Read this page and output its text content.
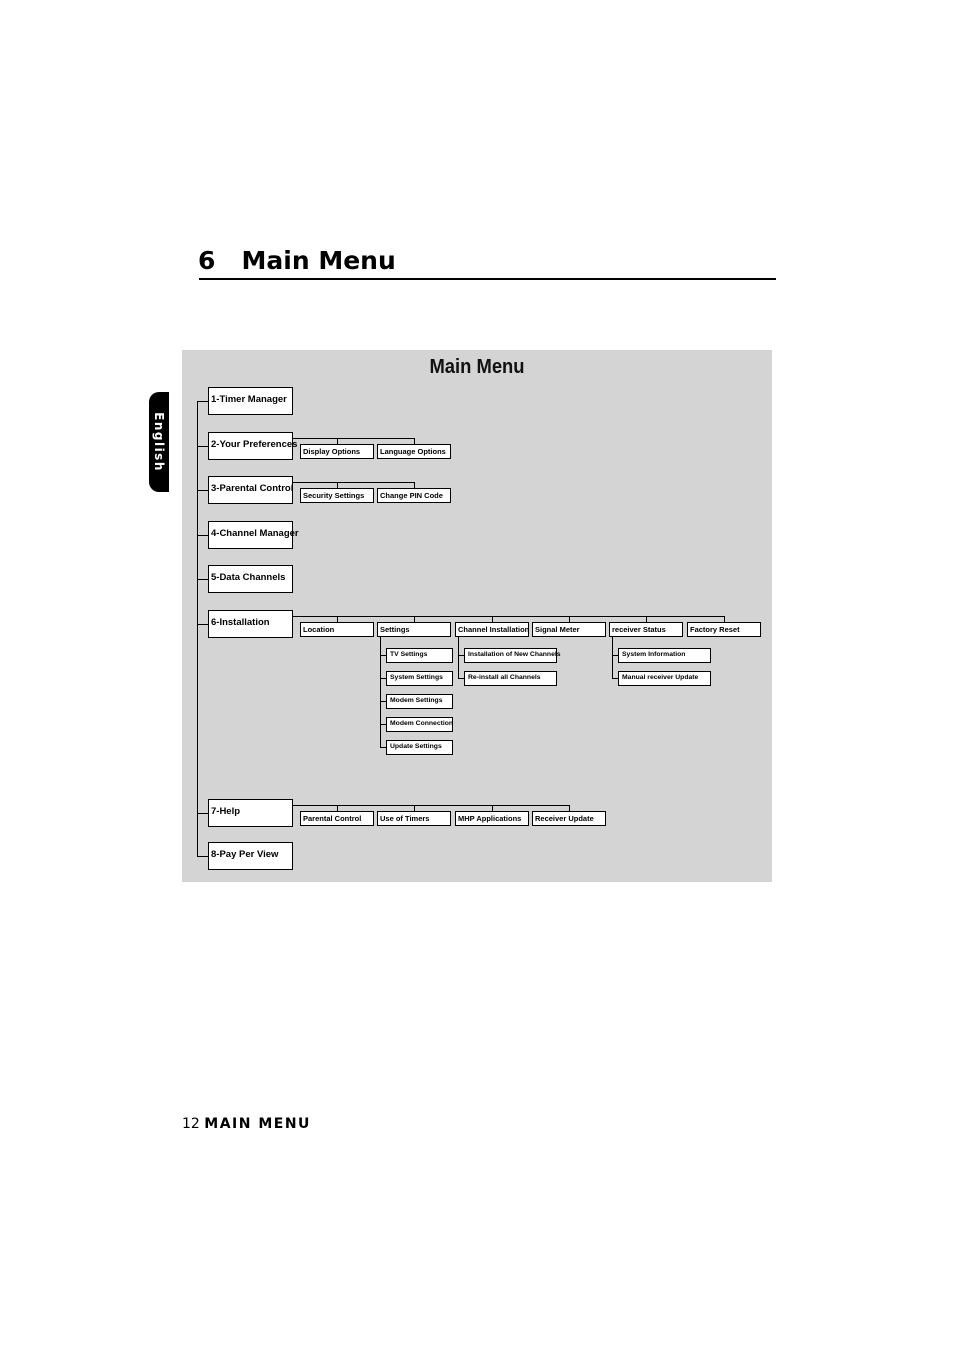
6 Main Menu
English
Main Menu
1-Timer Manager
2-Your Preferences
Display Options	Language Options
3-Parental Control
Security Settings Change PIN Code
4-Channel Manager
5-Data Channels
6-Installation
Location	Settings
TV Settings
System Settings
Modem Settings
Modem Connection
Update Settings
Channel Installation
Installation of New Channels
Re-install all Channels
Signal Meter	receiver Status
System Information
Manual receiver Update
Factory Reset
7-Help
Parental Control Use of Timers	MHP Applications Receiver Update
8-Pay Per View

12 MAIN MENU
